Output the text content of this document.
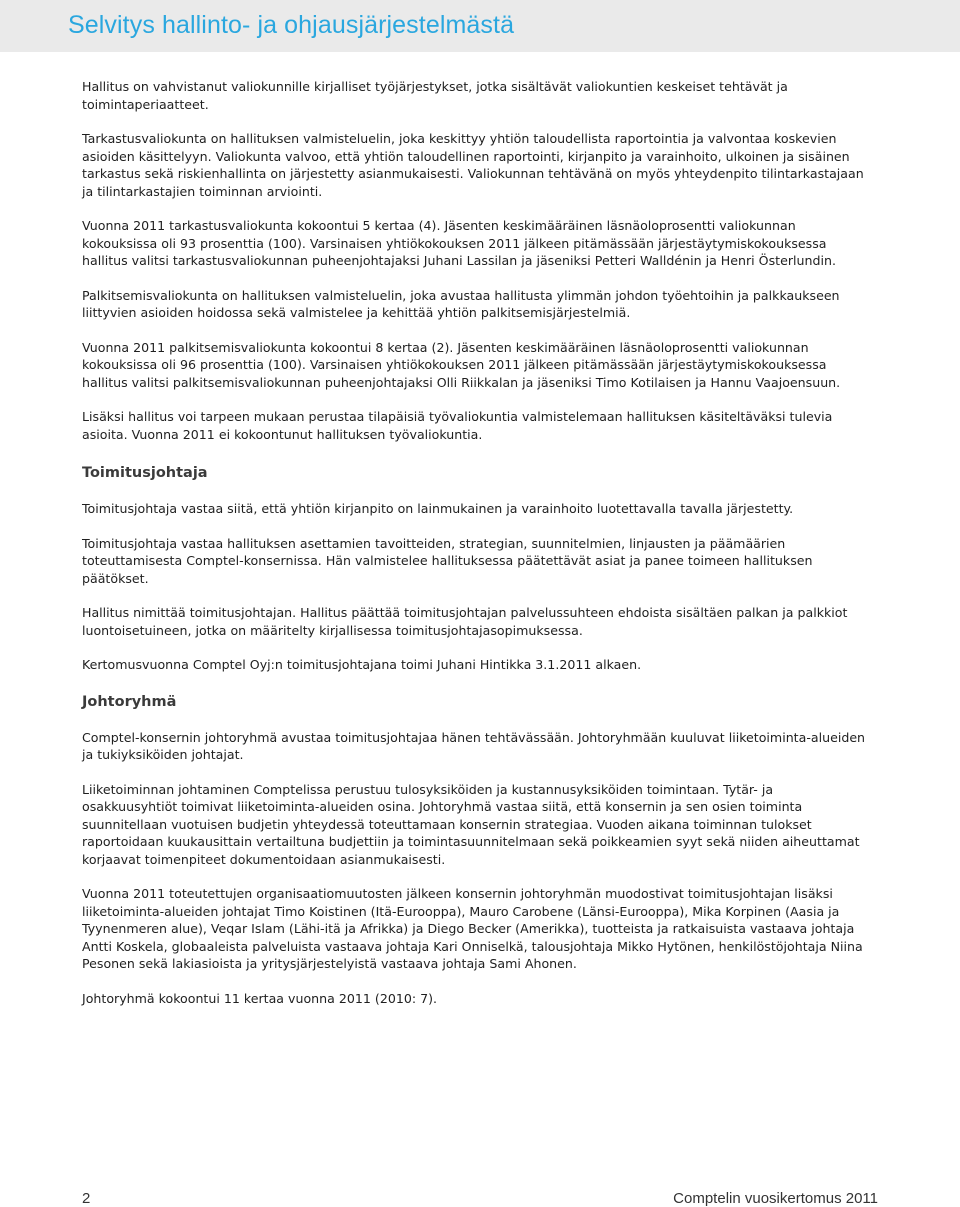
Selvitys hallinto- ja ohjausjärjestelmästä

Hallitus on vahvistanut valiokunnille kirjalliset työjärjestykset, jotka sisältävät valiokuntien keskeiset tehtävät ja toimintaperiaatteet.

Tarkastusvaliokunta on hallituksen valmisteluelin, joka keskittyy yhtiön taloudellista raportointia ja valvontaa koskevien asioiden käsittelyyn. Valiokunta valvoo, että yhtiön taloudellinen raportointi, kirjanpito ja varainhoito, ulkoinen ja sisäinen tarkastus sekä riskienhallinta on järjestetty asianmukaisesti. Valiokunnan tehtävänä on myös yhteydenpito tilintarkastajaan ja tilintarkastajien toiminnan arviointi.

Vuonna 2011 tarkastusvaliokunta kokoontui 5 kertaa (4). Jäsenten keskimääräinen läsnäoloprosentti valiokunnan kokouksissa oli 93 prosenttia (100). Varsinaisen yhtiökokouksen 2011 jälkeen pitämässään järjestäytymiskokouksessa hallitus valitsi tarkastusvaliokunnan puheenjohtajaksi Juhani Lassilan ja jäseniksi Petteri Walldénin ja Henri Österlundin.

Palkitsemisvaliokunta on hallituksen valmisteluelin, joka avustaa hallitusta ylimmän johdon työehtoihin ja palkkaukseen liittyvien asioiden hoidossa sekä valmistelee ja kehittää yhtiön palkitsemisjärjestelmiä.

Vuonna 2011 palkitsemisvaliokunta kokoontui 8 kertaa (2). Jäsenten keskimääräinen läsnäoloprosentti valiokunnan kokouksissa oli 96 prosenttia (100). Varsinaisen yhtiökokouksen 2011 jälkeen pitämässään järjestäytymiskokouksessa hallitus valitsi palkitsemisvaliokunnan puheenjohtajaksi Olli Riikkalan ja jäseniksi Timo Kotilaisen ja Hannu Vaajoensuun.

Lisäksi hallitus voi tarpeen mukaan perustaa tilapäisiä työvaliokuntia valmistelemaan hallituksen käsiteltäväksi tulevia asioita. Vuonna 2011 ei kokoontunut hallituksen työvaliokuntia.

Toimitusjohtaja

Toimitusjohtaja vastaa siitä, että yhtiön kirjanpito on lainmukainen ja varainhoito luotettavalla tavalla järjestetty.

Toimitusjohtaja vastaa hallituksen asettamien tavoitteiden, strategian, suunnitelmien, linjausten ja päämäärien toteuttamisesta Comptel-konsernissa. Hän valmistelee hallituksessa päätettävät asiat ja panee toimeen hallituksen päätökset.

Hallitus nimittää toimitusjohtajan. Hallitus päättää toimitusjohtajan palvelussuhteen ehdoista sisältäen palkan ja palkkiot luontoisetuineen, jotka on määritelty kirjallisessa toimitusjohtajasopimuksessa.

Kertomusvuonna Comptel Oyj:n toimitusjohtajana toimi Juhani Hintikka 3.1.2011 alkaen.

Johtoryhmä

Comptel-konsernin johtoryhmä avustaa toimitusjohtajaa hänen tehtävässään. Johtoryhmään kuuluvat liiketoiminta-alueiden ja tukiyksiköiden johtajat.

Liiketoiminnan johtaminen Comptelissa perustuu tulosyksiköiden ja kustannusyksiköiden toimintaan. Tytär- ja osakkuusyhtiöt toimivat liiketoiminta-alueiden osina. Johtoryhmä vastaa siitä, että konsernin ja sen osien toiminta suunnitellaan vuotuisen budjetin yhteydessä toteuttamaan konsernin strategiaa. Vuoden aikana toiminnan tulokset raportoidaan kuukausittain vertailtuna budjettiin ja toimintasuunnitelmaan sekä poikkeamien syyt sekä niiden aiheuttamat korjaavat toimenpiteet dokumentoidaan asianmukaisesti.

Vuonna 2011 toteutettujen organisaatiomuutosten jälkeen konsernin johtoryhmän muodostivat toimitusjohtajan lisäksi liiketoiminta-alueiden johtajat Timo Koistinen (Itä-Eurooppa), Mauro Carobene (Länsi-Eurooppa), Mika Korpinen (Aasia ja Tyynenmeren alue), Veqar Islam (Lähi-itä ja Afrikka) ja Diego Becker (Amerikka), tuotteista ja ratkaisuista vastaava johtaja Antti Koskela, globaaleista palveluista vastaava johtaja Kari Onniselkä, talousjohtaja Mikko Hytönen, henkilöstöjohtaja Niina Pesonen sekä lakiasioista ja yritysjärjestelyistä vastaava johtaja Sami Ahonen.

Johtoryhmä kokoontui 11 kertaa vuonna 2011 (2010: 7).

2	Comptelin vuosikertomus 2011
